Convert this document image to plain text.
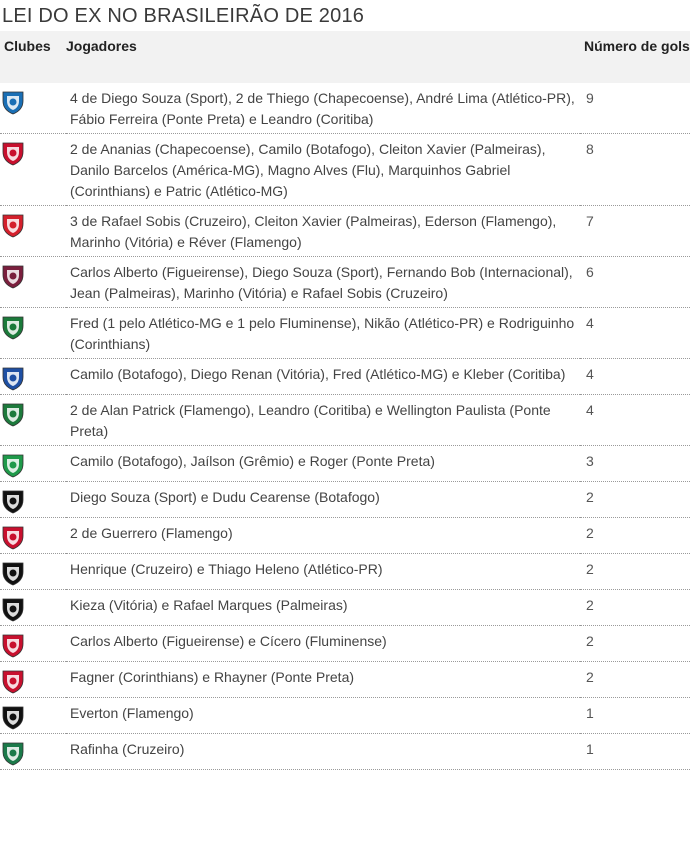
LEI DO EX NO BRASILEIRÃO DE 2016
Clubes	Jogadores	Número de gols

	4 de Diego Souza (Sport), 2 de Thiego (Chapecoense), André Lima (Atlético-PR), Fábio Ferreira (Ponte Preta) e Leandro (Coritiba)	9

	2 de Ananias (Chapecoense), Camilo (Botafogo), Cleiton Xavier (Palmeiras), Danilo Barcelos (América-MG), Magno Alves (Flu), Marquinhos Gabriel (Corinthians) e Patric (Atlético-MG)	8

	3 de Rafael Sobis (Cruzeiro), Cleiton Xavier (Palmeiras), Ederson (Flamengo), Marinho (Vitória) e Réver (Flamengo)	7

	Carlos Alberto (Figueirense), Diego Souza (Sport), Fernando Bob (Internacional), Jean (Palmeiras), Marinho (Vitória) e Rafael Sobis (Cruzeiro)	6

	Fred (1 pelo Atlético-MG e 1 pelo Fluminense), Nikão (Atlético-PR) e Rodriguinho (Corinthians)	4

	Camilo (Botafogo), Diego Renan (Vitória), Fred (Atlético-MG) e Kleber (Coritiba)	4

	2 de Alan Patrick (Flamengo), Leandro (Coritiba) e Wellington Paulista (Ponte Preta)	4

	Camilo (Botafogo), Jaílson (Grêmio) e Roger (Ponte Preta)	3

	Diego Souza (Sport) e Dudu Cearense (Botafogo)	2

	2 de Guerrero (Flamengo)	2

	Henrique (Cruzeiro) e Thiago Heleno (Atlético-PR)	2

	Kieza (Vitória) e Rafael Marques (Palmeiras)	2

	Carlos Alberto (Figueirense) e Cícero (Fluminense)	2

	Fagner (Corinthians) e Rhayner (Ponte Preta)	2

	Everton (Flamengo)	1

	Rafinha (Cruzeiro)	1
